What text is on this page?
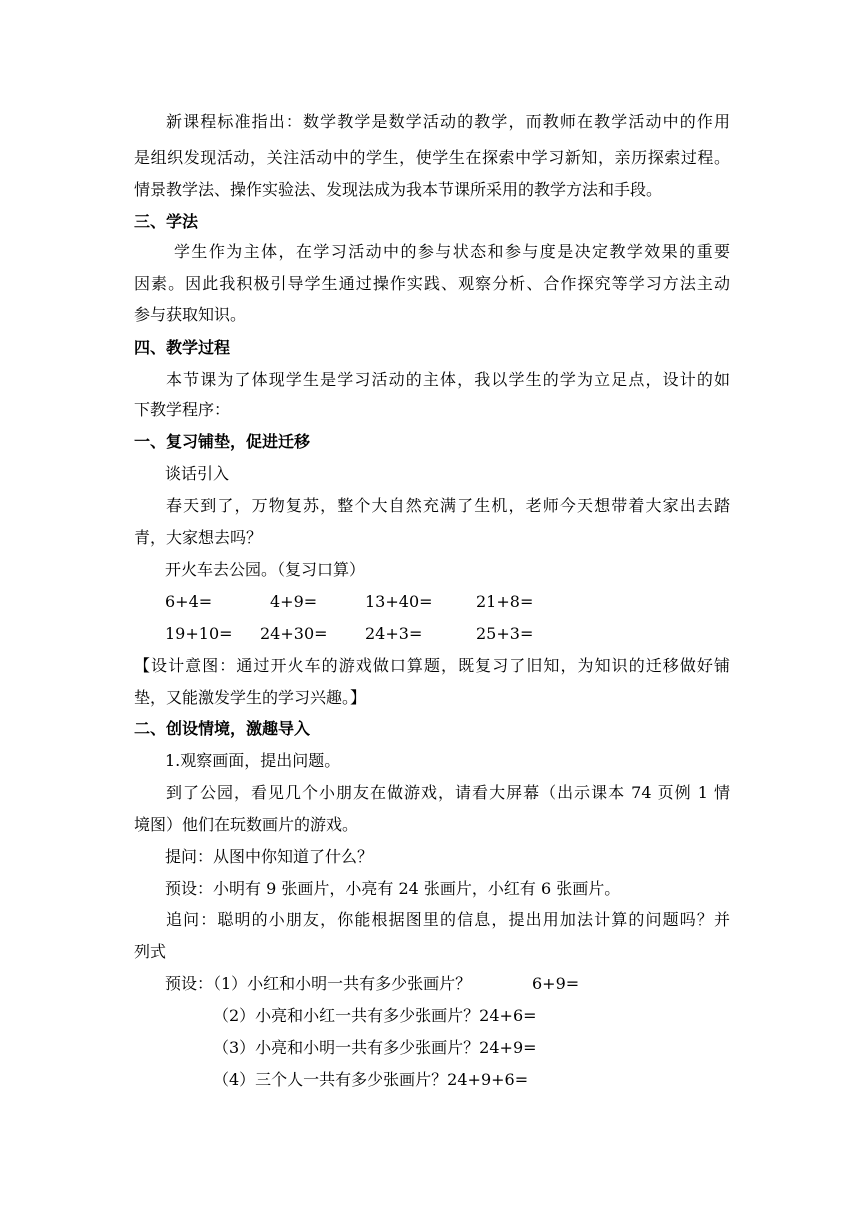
新课程标准指出：数学教学是数学活动的教学，而教师在教学活动中的作用
是组织发现活动，关注活动中的学生，使学生在探索中学习新知，亲历探索过程。
情景教学法、操作实验法、发现法成为我本节课所采用的教学方法和手段。
三、学法
学生作为主体，在学习活动中的参与状态和参与度是决定教学效果的重要
因素。因此我积极引导学生通过操作实践、观察分析、合作探究等学习方法主动
参与获取知识。
四、教学过程
本节课为了体现学生是学习活动的主体，我以学生的学为立足点，设计的如
下教学程序：
一、复习铺垫，促进迁移
谈话引入
春天到了，万物复苏，整个大自然充满了生机，老师今天想带着大家出去踏
青，大家想去吗？
开火车去公园。（复习口算）
6+4=	4+9=	13+40=	21+8=
19+10= 24+30= 24+3=	25+3=
【设计意图：通过开火车的游戏做口算题，既复习了旧知，为知识的迁移做好铺
垫，又能激发学生的学习兴趣。】
二、创设情境，激趣导入
1.观察画面，提出问题。
到了公园，看见几个小朋友在做游戏，请看大屏幕（出示课本 74 页例 1 情
境图）他们在玩数画片的游戏。
提问：从图中你知道了什么？
预设：小明有 9 张画片，小亮有 24 张画片，小红有 6 张画片。
追问：聪明的小朋友，你能根据图里的信息，提出用加法计算的问题吗？并
列式
预设：（1）小红和小明一共有多少张画片？	6+9=
（2）小亮和小红一共有多少张画片？24+6=
（3）小亮和小明一共有多少张画片？24+9=
（4）三个人一共有多少张画片？24+9+6=
